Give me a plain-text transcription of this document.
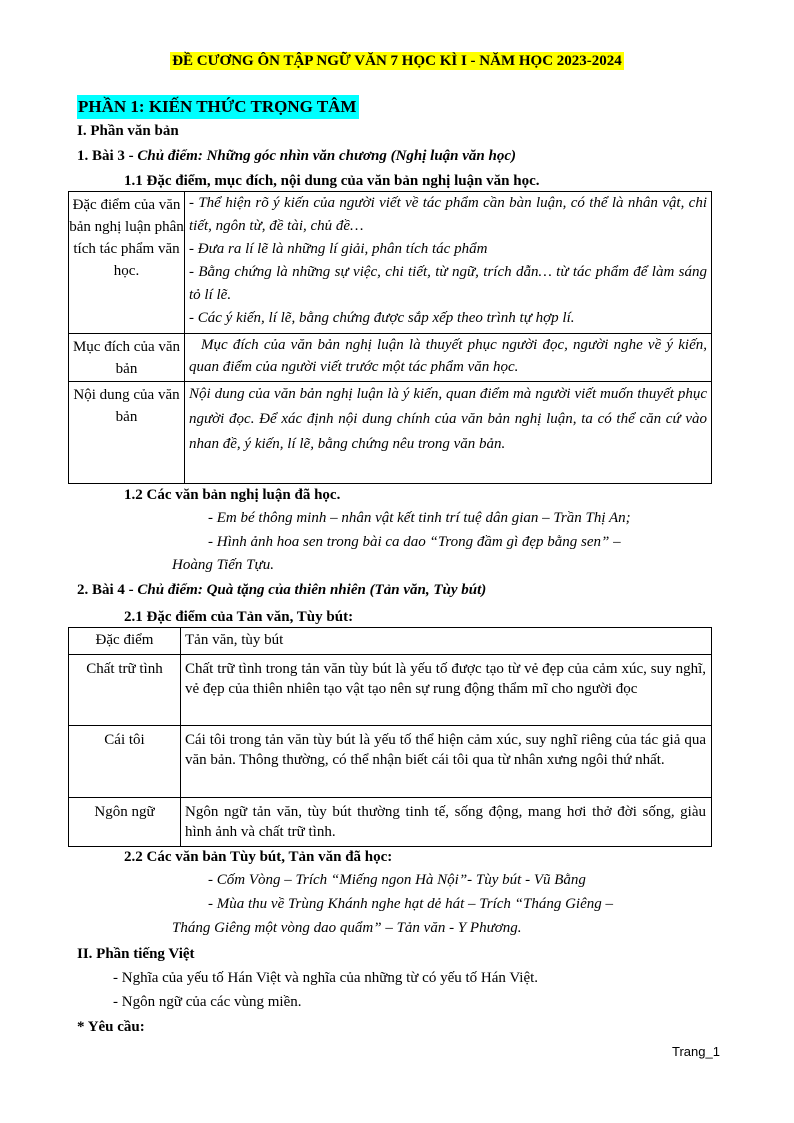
ĐỀ CƯƠNG ÔN TẬP NGỮ VĂN 7 HỌC KÌ I - NĂM HỌC 2023-2024
PHẦN 1: KIẾN THỨC TRỌNG TÂM
I. Phần văn bản
1. Bài 3 - Chủ điểm: Những góc nhìn văn chương (Nghị luận văn học)
1.1 Đặc điểm, mục đích, nội dung của văn bản nghị luận văn học.
Đặc điểm của văn bản nghị luận phân tích tác phẩm văn học.	- Thể hiện rõ ý kiến của người viết về tác phẩm cần bàn luận, có thể là nhân vật, chi tiết, ngôn từ, đề tài, chủ đề…
- Đưa ra lí lẽ là những lí giải, phân tích tác phẩm
- Bằng chứng là những sự việc, chi tiết, từ ngữ, trích dẫn… từ tác phẩm để làm sáng tỏ lí lẽ.
- Các ý kiến, lí lẽ, bằng chứng được sắp xếp theo trình tự hợp lí.

Mục đích của văn bản	Mục đích của văn bản nghị luận là thuyết phục người đọc, người nghe về ý kiến, quan điểm của người viết trước một tác phẩm văn học.
Nội dung của văn bản	Nội dung của văn bản nghị luận là ý kiến, quan điểm mà người viết muốn thuyết phục người đọc. Để xác định nội dung chính của văn bản nghị luận, ta có thể căn cứ vào nhan đề, ý kiến, lí lẽ, bằng chứng nêu trong văn bản.
1.2 Các văn bản nghị luận đã học.
- Em bé thông minh – nhân vật kết tinh trí tuệ dân gian – Trần Thị An;
- Hình ảnh hoa sen trong bài ca dao “Trong đầm gì đẹp bằng sen” –
Hoàng Tiến Tựu.
2. Bài 4 - Chủ điểm: Quà tặng của thiên nhiên (Tản văn, Tùy bút)
2.1 Đặc điểm của Tản văn, Tùy bút:
Đặc điểm	Tản văn, tùy bút
Chất trữ tình	Chất trữ tình trong tản văn tùy bút là yếu tố được tạo từ vẻ đẹp của cảm xúc, suy nghĩ, vẻ đẹp của thiên nhiên tạo vật tạo nên sự rung động thẩm mĩ cho người đọc
Cái tôi	Cái tôi trong tản văn tùy bút là yếu tố thể hiện cảm xúc, suy nghĩ riêng của tác giả qua văn bản. Thông thường, có thể nhận biết cái tôi qua từ nhân xưng ngôi thứ nhất.
Ngôn ngữ	Ngôn ngữ tản văn, tùy bút thường tinh tế, sống động, mang hơi thở đời sống, giàu hình ảnh và chất trữ tình.
2.2 Các văn bản Tùy bút, Tản văn đã học:
- Cốm Vòng – Trích “Miếng ngon Hà Nội”- Tùy bút - Vũ Bằng
- Mùa thu về Trùng Khánh nghe hạt dẻ hát – Trích “Tháng Giêng –
Tháng Giêng một vòng dao quẩm” – Tản văn - Y Phương.
II. Phần tiếng Việt
- Nghĩa của yếu tố Hán Việt và nghĩa của những từ có yếu tố Hán Việt.
- Ngôn ngữ của các vùng miền.
* Yêu cầu:
Trang_1
